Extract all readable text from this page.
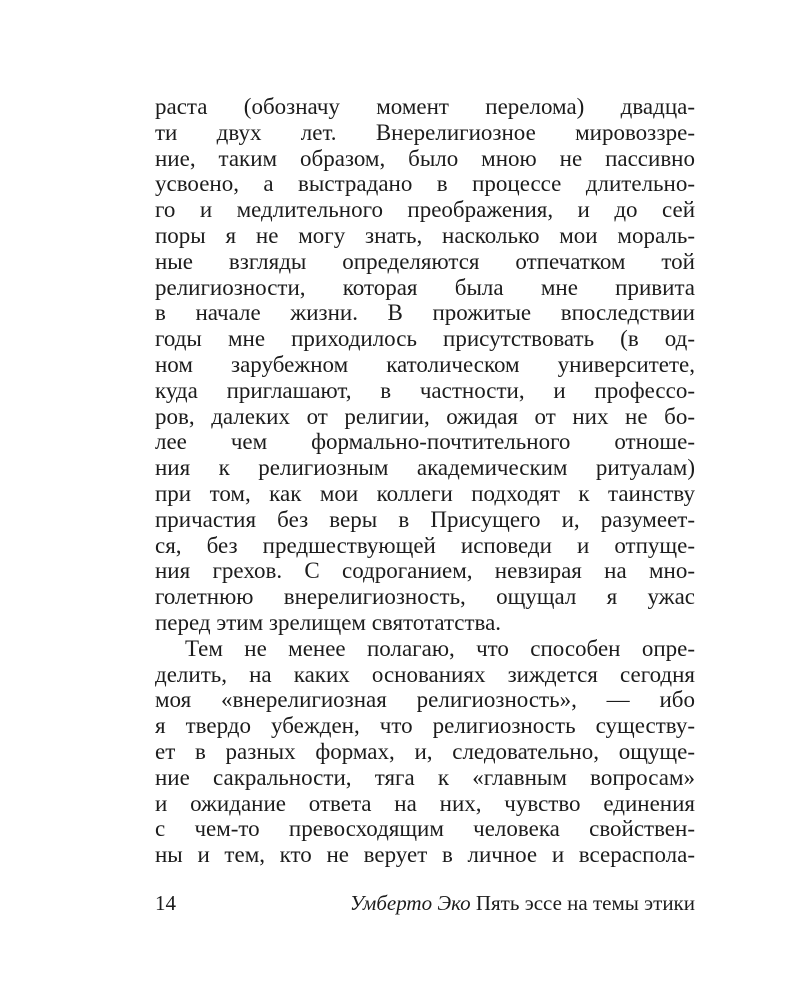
раста (обозначу момент перелома) двадца-
ти двух лет. Внерелигиозное мировоззре-
ние, таким образом, было мною не пассивно
усвоено, а выстрадано в процессе длительно-
го и медлительного преображения, и до сей
поры я не могу знать, насколько мои мораль-
ные взгляды определяются отпечатком той
религиозности, которая была мне привита
в начале жизни. В прожитые впоследствии
годы мне приходилось присутствовать (в од-
ном зарубежном католическом университете,
куда приглашают, в частности, и профессо-
ров, далеких от религии, ожидая от них не бо-
лее чем формально-почтительного отноше-
ния к религиозным академическим ритуалам)
при том, как мои коллеги подходят к таинству
причастия без веры в Присущего и, разумеет-
ся, без предшествующей исповеди и отпуще-
ния грехов. С содроганием, невзирая на мно-
голетнюю внерелигиозность, ощущал я ужас
перед этим зрелищем святотатства.
Тем не менее полагаю, что способен опре-
делить, на каких основаниях зиждется сегодня
моя «внерелигиозная религиозность», — ибо
я твердо убежден, что религиозность существу-
ет в разных формах, и, следовательно, ощуще-
ние сакральности, тяга к «главным вопросам»
и ожидание ответа на них, чувство единения
с чем-то превосходящим человека свойствен-
ны и тем, кто не верует в личное и всераспола-
14	Умберто Эко Пять эссе на темы этики
